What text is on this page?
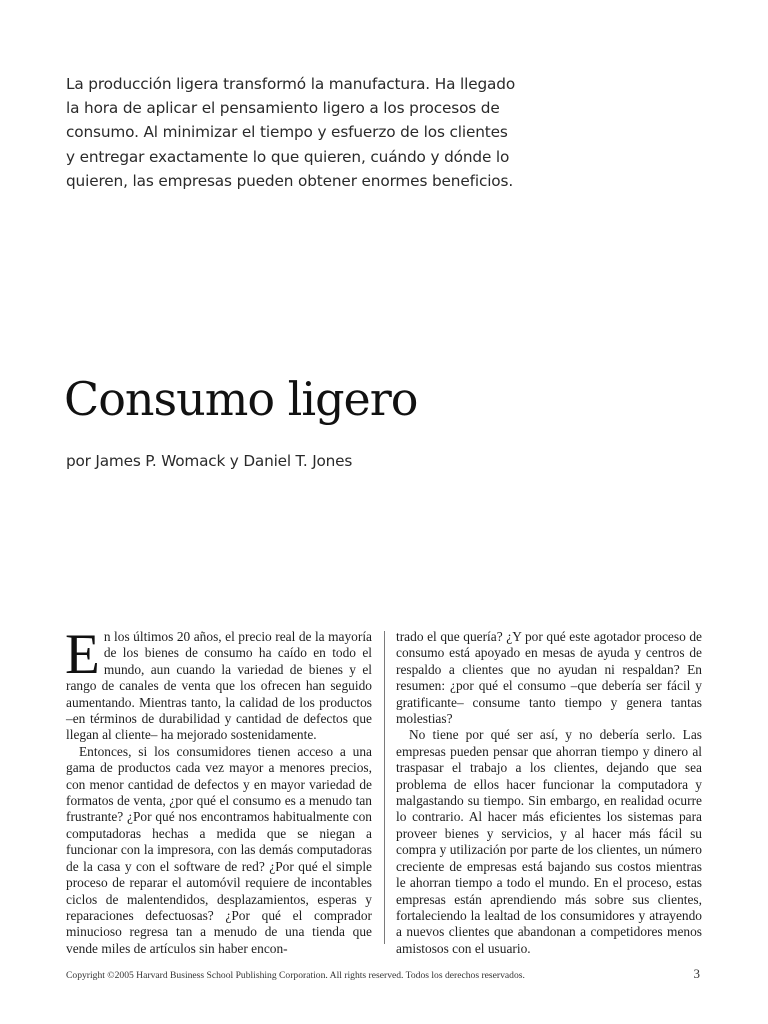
La producción ligera transformó la manufactura. Ha llegado la hora de aplicar el pensamiento ligero a los procesos de consumo. Al minimizar el tiempo y esfuerzo de los clientes y entregar exactamente lo que quieren, cuándo y dónde lo quieren, las empresas pueden obtener enormes beneficios.

Consumo ligero

por James P. Womack y Daniel T. Jones

En los últimos 20 años, el precio real de la mayoría de los bienes de consumo ha caído en todo el mundo, aun cuando la variedad de bienes y el rango de canales de venta que los ofrecen han seguido aumentando. Mientras tanto, la calidad de los productos –en términos de durabilidad y cantidad de defectos que llegan al cliente– ha mejorado sostenidamente.

Entonces, si los consumidores tienen acceso a una gama de productos cada vez mayor a menores precios, con menor cantidad de defectos y en mayor variedad de formatos de venta, ¿por qué el consumo es a menudo tan frustrante? ¿Por qué nos encontramos habitualmente con computadoras hechas a medida que se niegan a funcionar con la impresora, con las demás computadoras de la casa y con el software de red? ¿Por qué el simple proceso de reparar el automóvil requiere de incontables ciclos de malentendidos, desplazamientos, esperas y reparaciones defectuosas? ¿Por qué el comprador minucioso regresa tan a menudo de una tienda que vende miles de artículos sin haber encon-

trado el que quería? ¿Y por qué este agotador proceso de consumo está apoyado en mesas de ayuda y centros de respaldo a clientes que no ayudan ni respaldan? En resumen: ¿por qué el consumo –que debería ser fácil y gratificante– consume tanto tiempo y genera tantas molestias?

No tiene por qué ser así, y no debería serlo. Las empresas pueden pensar que ahorran tiempo y dinero al traspasar el trabajo a los clientes, dejando que sea problema de ellos hacer funcionar la computadora y malgastando su tiempo. Sin embargo, en realidad ocurre lo contrario. Al hacer más eficientes los sistemas para proveer bienes y servicios, y al hacer más fácil su compra y utilización por parte de los clientes, un número creciente de empresas está bajando sus costos mientras le ahorran tiempo a todo el mundo. En el proceso, estas empresas están aprendiendo más sobre sus clientes, fortaleciendo la lealtad de los consumidores y atrayendo a nuevos clientes que abandonan a competidores menos amistosos con el usuario.

Copyright ©2005 Harvard Business School Publishing Corporation. All rights reserved. Todos los derechos reservados.	3
